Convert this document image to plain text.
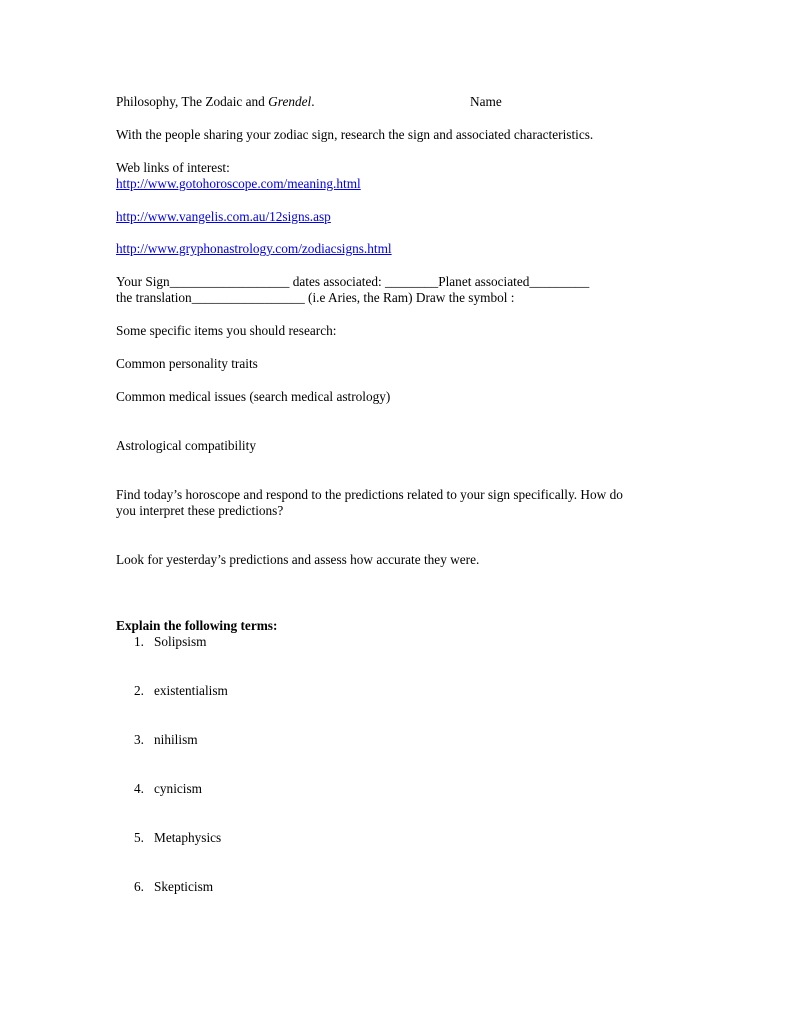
Philosophy, The Zodaic and Grendel.	Name
With the people sharing your zodiac sign, research the sign and associated characteristics.
Web links of interest:
http://www.gotohoroscope.com/meaning.html
http://www.vangelis.com.au/12signs.asp
http://www.gryphonastrology.com/zodiacsigns.html
Your Sign__________________ dates associated: ________Planet associated_________
the translation_________________ (i.e Aries, the Ram) Draw the symbol :
Some specific items you should research:
Common personality traits
Common medical issues (search medical astrology)
Astrological compatibility
Find today’s horoscope and respond to the predictions related to your sign specifically. How do
you interpret these predictions?
Look for yesterday’s predictions and assess how accurate they were.
Explain the following terms:
1. Solipsism
2. existentialism
3. nihilism
4. cynicism
5. Metaphysics
6. Skepticism
